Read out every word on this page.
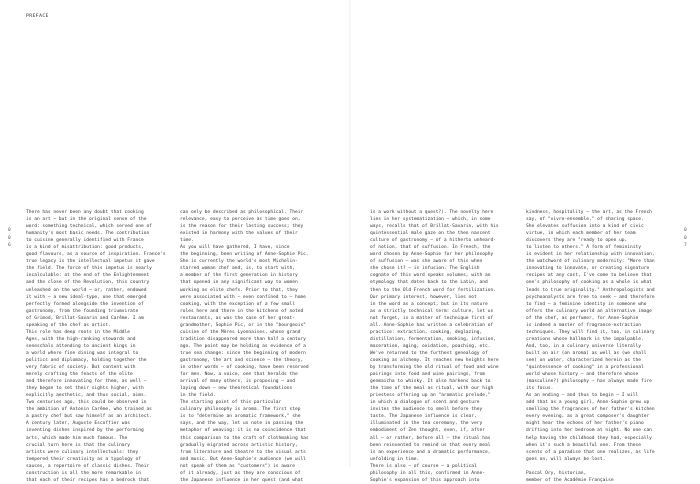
PREFACE
0
0
6
There has never been any doubt that cooking
is an art – but in the original sense of the
word: something technical, which served one of
humanity's most basic needs. The contribution
to cuisine generally identified with France
is a kind of misattribution: good products,
good flavours, as a source of inspiration. France's
true legacy is the intellectual impetus it gave
the field. The force of this impetus is nearly
incalculable: at the end of the Enlightenment
and the close of the Revolution, this country
unleashed on the world – or, rather, endowed
it with – a new ideal-type, one that emerged
perfectly formed alongside the invention of
gastronomy, from the founding triumvirate
of Grimod, Brillat-Savarin and Carême. I am
speaking of the chef as artist.
This role has deep roots in the Middle
Ages, with the high-ranking stewards and
seneschals attending to ancient kings in
a world where fine dining was integral to
politics and diplomacy, holding together the
very fabric of society. But content with
merely crafting the feasts of the elite
and therefore innovating for them, as well –
they began to set their sights higher, with
explicitly aesthetic, and thus social, aims.
Two centuries ago, this could be observed in
the ambition of Antonin Carême, who trained as
a pastry chef but saw himself as an architect.
A century later, Auguste Escoffier was
inventing dishes inspired by the performing
arts, which made him much famous. The
crucial turn here is that the culinary
artists were culinary intellectuals: they
tempered their creativity as a typology of
sauces, a repertoire of classic dishes. Their
construction is all the more remarkable in
that each of their recipes has a bedrock that
can only be described as philosophical. Their
relevance, easy to perceive as time goes on,
is the reason for their lasting success; they
existed in harmony with the values of their
time.
As you will have gathered, I have, since
the beginning, been writing of Anne-Sophie Pic.
She is currently the world's most Michelin-
starred woman chef and, is, to start with,
a member of the first generation in history
that opened in any significant way to women
working as elite chefs. Prior to that, they
were associated with – even confined to – home
cooking, with the exception of a few small
roles here and there in the kitchens of noted
restaurants, as was the case of her great-
grandmother, Sophie Pic, or in the "bourgeois"
cuisine of the Mères Lyonnaises, whose grand
tradition disappeared more than half a century
ago. The point may be holding as evidence of a
true sea change: since the beginning of modern
gastronomy, the art and science – the theory,
in other words – of cooking, have been reserved
for men. Now, a voice, one that heralds the
arrival of many others, is proposing – and
laying down – new theoretical foundations
in the field.
The starting point of this particular
culinary philosophy is aroma. The first step
is to "determine an aromatic framework," she
says, and the way, let us note in passing the
metaphor of weaving: it is no coincidence that
this comparison to the craft of clothmaking has
gradually migrated across artistic history,
from literature and theatre to the visual arts
and music. But Anne-Sophie's audience (we will
not speak of them as "customers") is aware
of it already, just as they are conscious of
the Japanese influence in her quest (and what
is a work without a quest?). The novelty here
lies in her systematization – which, in some
ways, recalls that of Brillat-Savarin, with his
quintessential male gaze on the then nascent
culture of gastronomy – of a hitherto unheard-
of notion, that of suffusion. In French, the
word chosen by Anne-Sophie for her philosophy
of suffusion – was she aware of this when
she chose it? – is infusion. The English
cognate of this word speaks volumes, with an
etymology that dates back to the Latin, and
then to the Old French word for fertilization.
Our primary interest, however, lies not
in the word as a concept, but in its nature
as a strictly technical term: culture, let us
not forget, is a matter of technique first of
all. Anne-Sophie has written a celebration of
practice: extraction, cooking, deglazing,
distillation, fermentation, smoking, infusion,
maceration, aging, oxidation, poaching, etc.
We've returned to the furthest genealogy of
cooking as alchemy. It reaches new heights here
by transforming the old ritual of food and wine
pairings into food and wine pairings, from
genmaicha to whisky. It also harkens back to
the time of the meal as ritual, with our high
priestess offering up an "aromatic prelude,"
in which a dialogue of scent and gesture
invites the audience to smell before they
taste. The Japanese influence is clear,
illuminated in the tea ceremony, the very
embodiment of Zen thought, even, if, after
all – or rather, before all – the ritual has
been reinvented to remind us that every meal
is an experience and a dramatic performance,
unfolding in time.
There is also – of course – a political
philosophy in all this, confirmed in Anne-
Sophie's expansion of this approach into
kindness, hospitality – the art, as the French
say, of "vivre-ensemble," of sharing space.
She elevates suffusion into a kind of civic
virtue, in which each member of her team
discovers they are "ready to open up,
to listen to others." A form of femininity
is evident in her relationship with innovation,
the watchword of culinary modernity: "More than
innovating to innovate, or creating signature
recipes at any cost, I've come to believe that
one's philosophy of cooking as a whole is what
leads to true originality." Anthropologists and
psychoanalysts are free to seek – and therefore
to find – a feminine identity in someone who
offers the culinary world an alternative image
of the chef, as perfumer, for Anne-Sophie
is indeed a master of fragrance-extraction
techniques. They will find it, too, in culinary
creations whose hallmark is the impalpable.
And, too, in a culinary universe literally
built on air (on aroma) as well as (we shall
see) on water, characterized herein as the
"quintessence of cooking" in a professional
world whose history – and therefore whose
(masculine?) philosophy – has always made fire
its focus.
As an ending – and thus to begin – I will
add that as a young girl, Anne-Sophie grew up
smelling the fragrances of her father's kitchen
every evening, as a great composer's daughter
might hear the echoes of her father's piano
drifting into her bedroom at night. No one can
help having the childhood they had, especially
when it's such a beautiful one. From these
scents of a paradise that one realizes, as life
goes on, will always be lost.

Pascal Ory, historian,
member of the Académie Française
0
0
7
